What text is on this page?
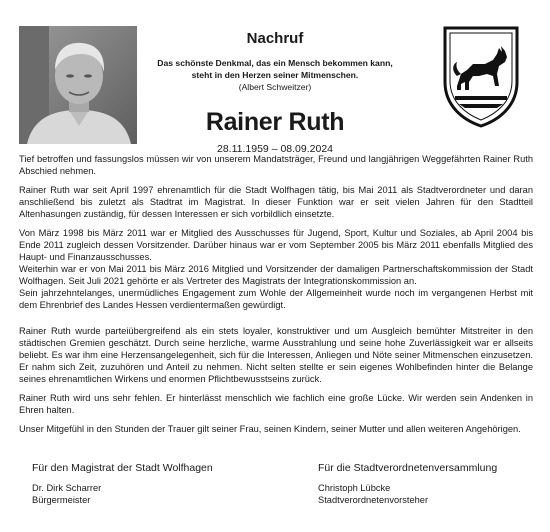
Nachruf
Das schönste Denkmal, das ein Mensch bekommen kann,
steht in den Herzen seiner Mitmenschen.
(Albert Schweitzer)
Rainer Ruth
28.11.1959 – 08.09.2024

Tief betroffen und fassungslos müssen wir von unserem Mandatsträger, Freund und langjährigen Weggefährten Rainer Ruth Abschied nehmen.

Rainer Ruth war seit April 1997 ehrenamtlich für die Stadt Wolfhagen tätig, bis Mai 2011 als Stadtverordneter und daran anschließend bis zuletzt als Stadtrat im Magistrat. In dieser Funktion war er seit vielen Jahren für den Stadtteil Altenhasungen zuständig, für dessen Interessen er sich vorbildlich einsetzte.

Von März 1998 bis März 2011 war er Mitglied des Ausschusses für Jugend, Sport, Kultur und Soziales, ab April 2004 bis Ende 2011 zugleich dessen Vorsitzender. Darüber hinaus war er vom September 2005 bis März 2011 ebenfalls Mitglied des Haupt- und Finanzausschusses.

Weiterhin war er von Mai 2011 bis März 2016 Mitglied und Vorsitzender der damaligen Partnerschaftskommission der Stadt Wolfhagen. Seit Juli 2021 gehörte er als Vertreter des Magistrats der Integrationskommission an.

Sein jahrzehntelanges, unermüdliches Engagement zum Wohle der Allgemeinheit wurde noch im vergangenen Herbst mit dem Ehrenbrief des Landes Hessen verdientermaßen gewürdigt.

Rainer Ruth wurde parteiübergreifend als ein stets loyaler, konstruktiver und um Ausgleich bemühter Mitstreiter in den städtischen Gremien geschätzt. Durch seine herzliche, warme Ausstrahlung und seine hohe Zuverlässigkeit war er allseits beliebt. Es war ihm eine Herzensangelegenheit, sich für die Interessen, Anliegen und Nöte seiner Mitmenschen einzusetzen. Er nahm sich Zeit, zuzuhören und Anteil zu nehmen. Nicht selten stellte er sein eigenes Wohlbefinden hinter die Belange seines ehrenamtlichen Wirkens und enormen Pflichtbewusstseins zurück.

Rainer Ruth wird uns sehr fehlen. Er hinterlässt menschlich wie fachlich eine große Lücke. Wir werden sein Andenken in Ehren halten.

Unser Mitgefühl in den Stunden der Trauer gilt seiner Frau, seinen Kindern, seiner Mutter und allen weiteren Angehörigen.

Für den Magistrat der Stadt Wolfhagen
Dr. Dirk Scharrer
Bürgermeister
Für die Stadtverordnetenversammlung
Christoph Lübcke
Stadtverordnetenvorsteher
